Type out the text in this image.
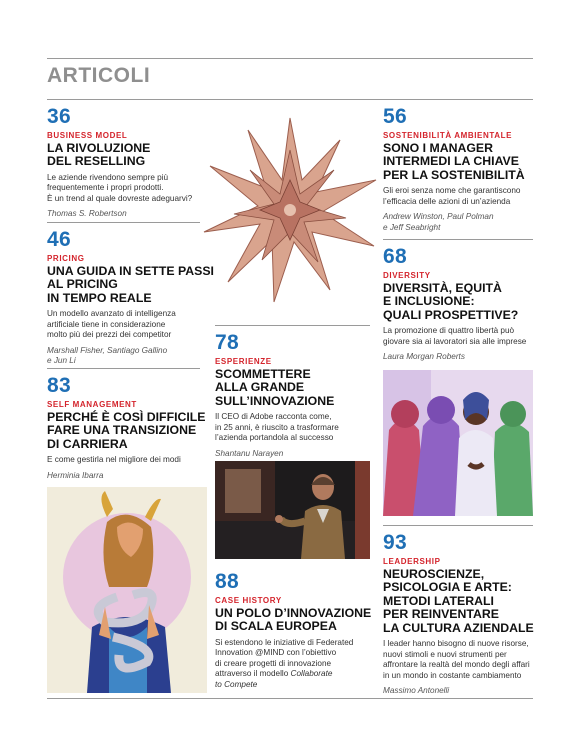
ARTICOLI
36
BUSINESS MODEL
LA RIVOLUZIONE
DEL RESELLING
Le aziende rivendono sempre più
frequentemente i propri prodotti.
È un trend al quale dovreste adeguarvi?
Thomas S. Robertson
46
PRICING
UNA GUIDA IN SETTE PASSI
AL PRICING
IN TEMPO REALE
Un modello avanzato di intelligenza
artificiale tiene in considerazione
molto più dei prezzi dei competitor
Marshall Fisher, Santiago Gallino
e Jun Li
83
SELF MANAGEMENT
PERCHÉ È COSÌ DIFFICILE
FARE UNA TRANSIZIONE
DI CARRIERA
E come gestirla nel migliore dei modi
Herminia Ibarra
78
ESPERIENZE
SCOMMETTERE
ALLA GRANDE
SULL’INNOVAZIONE
Il CEO di Adobe racconta come,
in 25 anni, è riuscito a trasformare
l’azienda portandola al successo
Shantanu Narayen
88
CASE HISTORY
UN POLO D’INNOVAZIONE
DI SCALA EUROPEA
Si estendono le iniziative di Federated
Innovation @MIND con l’obiettivo
di creare progetti di innovazione
attraverso il modello Collaborate
to Compete
56
SOSTENIBILITÀ AMBIENTALE
SONO I MANAGER
INTERMEDI LA CHIAVE
PER LA SOSTENIBILITÀ
Gli eroi senza nome che garantiscono
l’efficacia delle azioni di un’azienda
Andrew Winston, Paul Polman
e Jeff Seabright
68
DIVERSITY
DIVERSITÀ, EQUITÀ
E INCLUSIONE:
QUALI PROSPETTIVE?
La promozione di quattro libertà può
giovare sia ai lavoratori sia alle imprese
Laura Morgan Roberts
93
LEADERSHIP
NEUROSCIENZE,
PSICOLOGIA E ARTE:
METODI LATERALI
PER REINVENTARE
LA CULTURA AZIENDALE
I leader hanno bisogno di nuove risorse,
nuovi stimoli e nuovi strumenti per
affrontare la realtà del mondo degli affari
in un mondo in costante cambiamento
Massimo Antonelli
